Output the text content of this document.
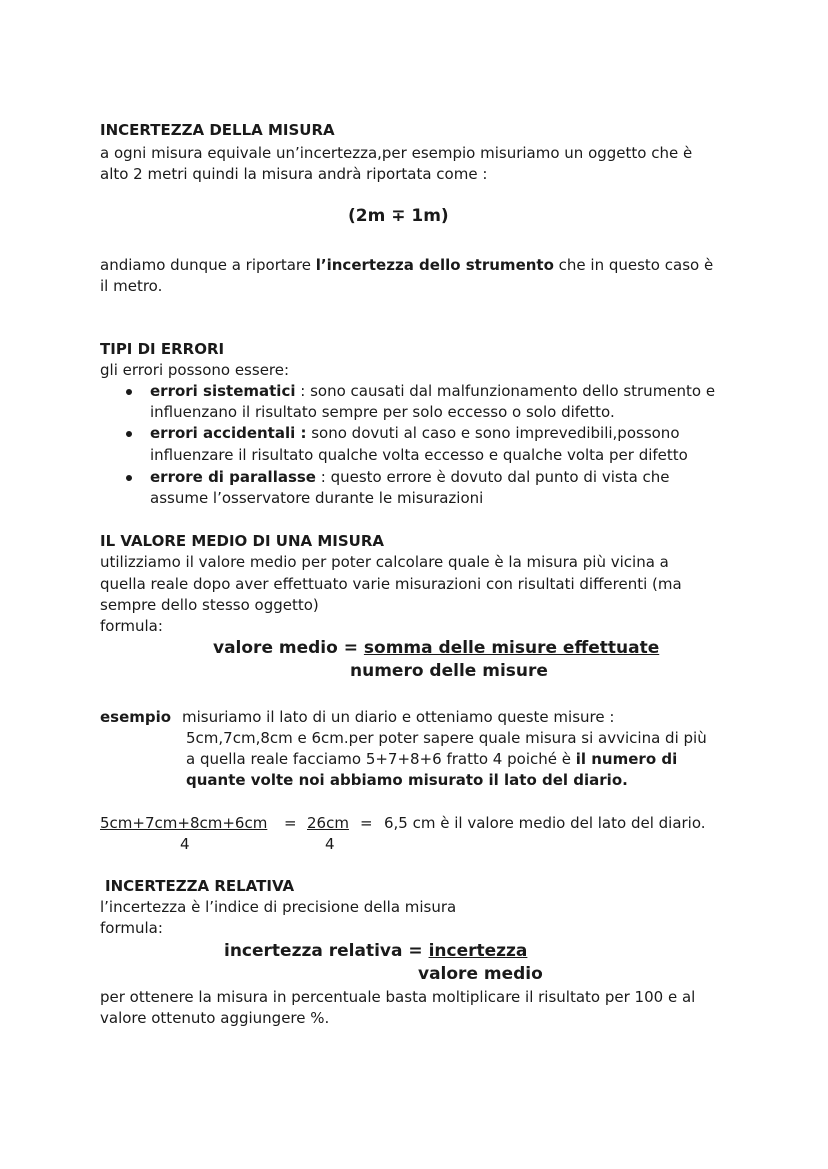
INCERTEZZA DELLA MISURA
a ogni misura equivale un’incertezza,per esempio misuriamo un oggetto che è
alto 2 metri quindi la misura andrà riportata come :
(2m ∓ 1m)
andiamo dunque a riportare l’incertezza dello strumento che in questo caso è
il metro.
TIPI DI ERRORI
gli errori possono essere:
errori sistematici : sono causati dal malfunzionamento dello strumento e
influenzano il risultato sempre per solo eccesso o solo difetto.
errori accidentali : sono dovuti al caso e sono imprevedibili,possono
influenzare il risultato qualche volta eccesso e qualche volta per difetto
errore di parallasse : questo errore è dovuto dal punto di vista che
assume l’osservatore durante le misurazioni
IL VALORE MEDIO DI UNA MISURA
utilizziamo il valore medio per poter calcolare quale è la misura più vicina a
quella reale dopo aver effettuato varie misurazioni con risultati differenti (ma
sempre dello stesso oggetto)
formula:
valore medio = somma delle misure effettuate
numero delle misure
esempio misuriamo il lato di un diario e otteniamo queste misure :
5cm,7cm,8cm e 6cm.per poter sapere quale misura si avvicina di più
a quella reale facciamo 5+7+8+6 fratto 4 poiché è il numero di
quante volte noi abbiamo misurato il lato del diario.
5cm+7cm+8cm+6cm = 26cm = 6,5 cm è il valore medio del lato del diario.
4	4
INCERTEZZA RELATIVA
l’incertezza è l’indice di precisione della misura
formula:
incertezza relativa = incertezza
valore medio
per ottenere la misura in percentuale basta moltiplicare il risultato per 100 e al
valore ottenuto aggiungere %.
